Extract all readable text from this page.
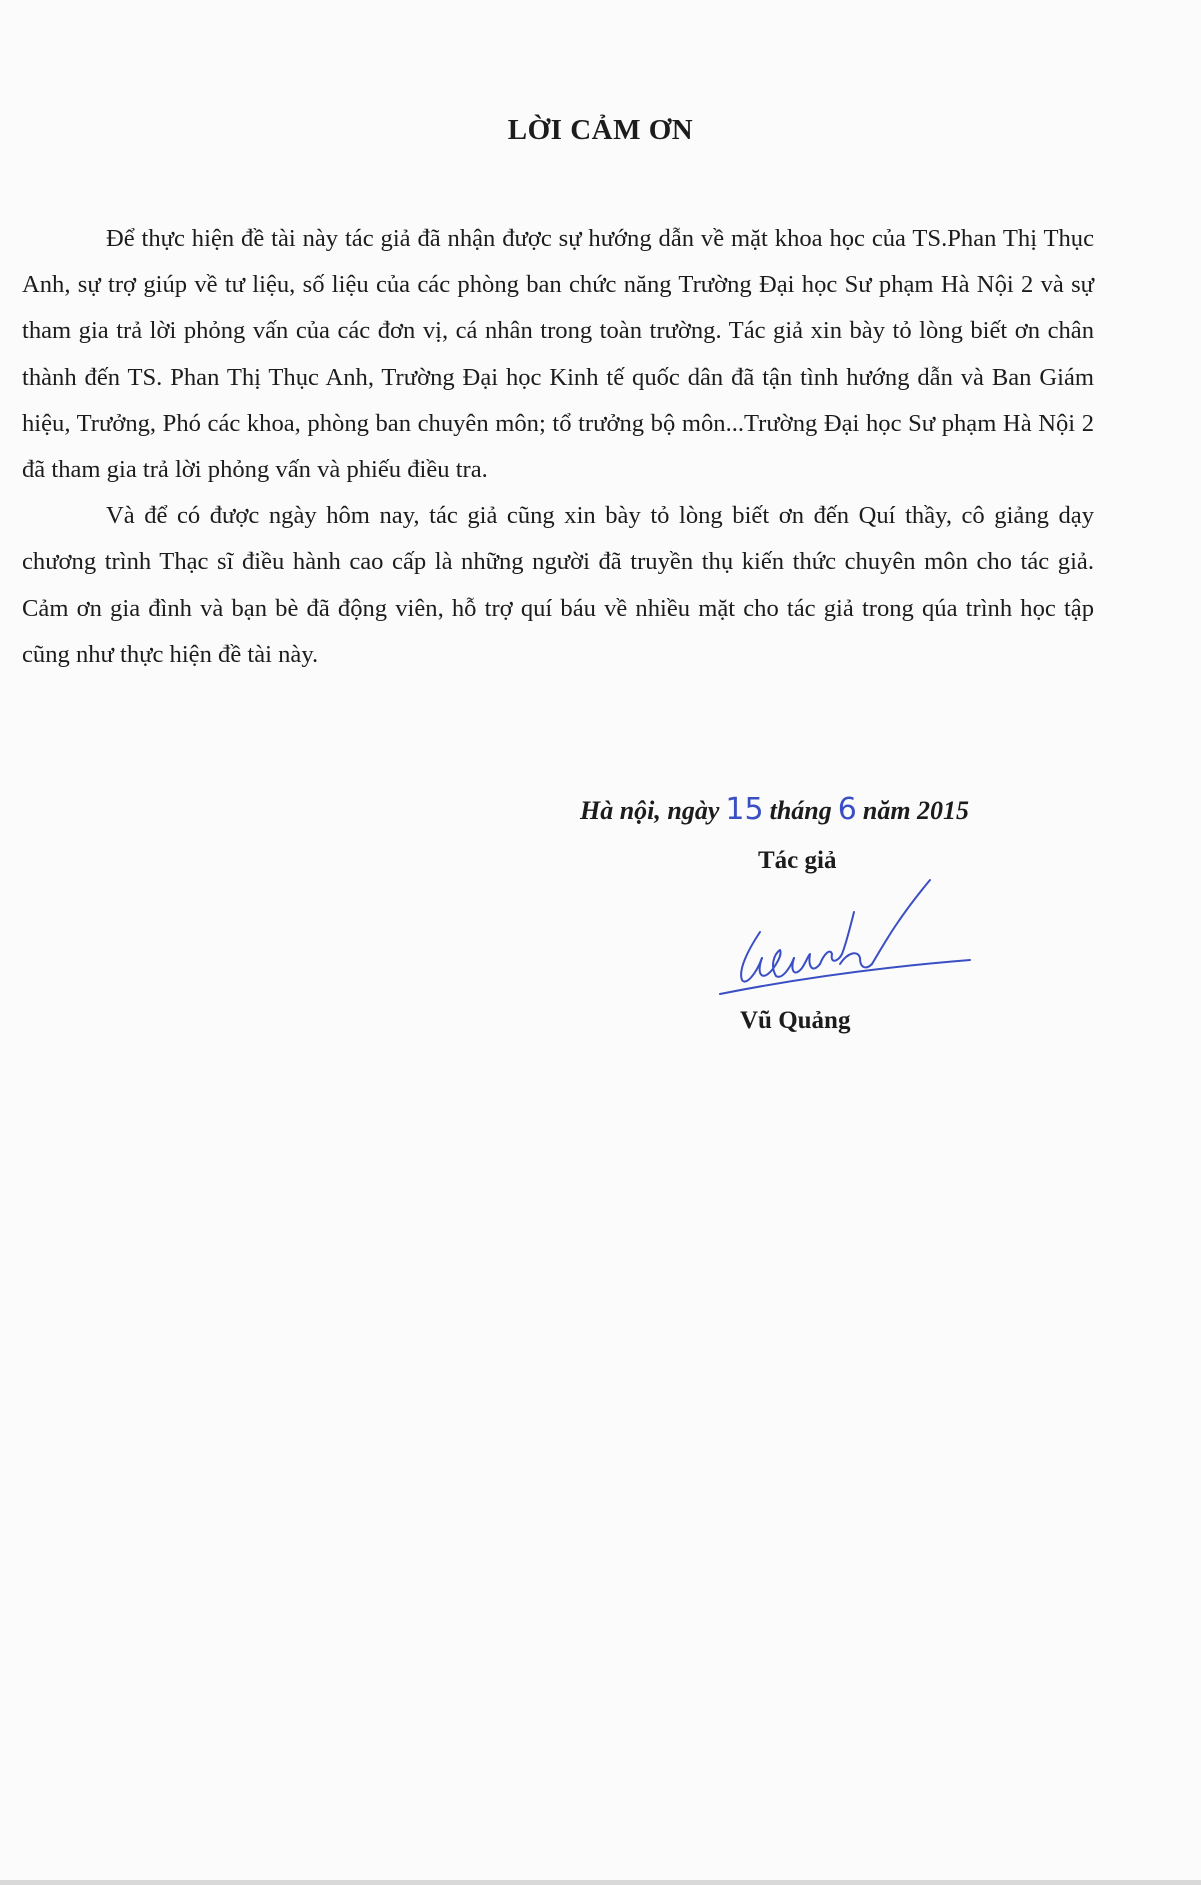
LỜI CẢM ƠN

Để thực hiện đề tài này tác giả đã nhận được sự hướng dẫn về mặt khoa học của TS.Phan Thị Thục Anh, sự trợ giúp về tư liệu, số liệu của các phòng ban chức năng Trường Đại học Sư phạm Hà Nội 2 và sự tham gia trả lời phỏng vấn của các đơn vị, cá nhân trong toàn trường. Tác giả xin bày tỏ lòng biết ơn chân thành đến TS. Phan Thị Thục Anh, Trường Đại học Kinh tế quốc dân đã tận tình hướng dẫn và Ban Giám hiệu, Trưởng, Phó các khoa, phòng ban chuyên môn; tổ trưởng bộ môn...Trường Đại học Sư phạm Hà Nội 2 đã tham gia trả lời phỏng vấn và phiếu điều tra.

Và để có được ngày hôm nay, tác giả cũng xin bày tỏ lòng biết ơn đến Quí thầy, cô giảng dạy chương trình Thạc sĩ điều hành cao cấp là những người đã truyền thụ kiến thức chuyên môn cho tác giả. Cảm ơn gia đình và bạn bè đã động viên, hỗ trợ quí báu về nhiều mặt cho tác giả trong qúa trình học tập cũng như thực hiện đề tài này.

Hà nội, ngày 15 tháng 6 năm 2015
Tác giả
Vũ Quảng
